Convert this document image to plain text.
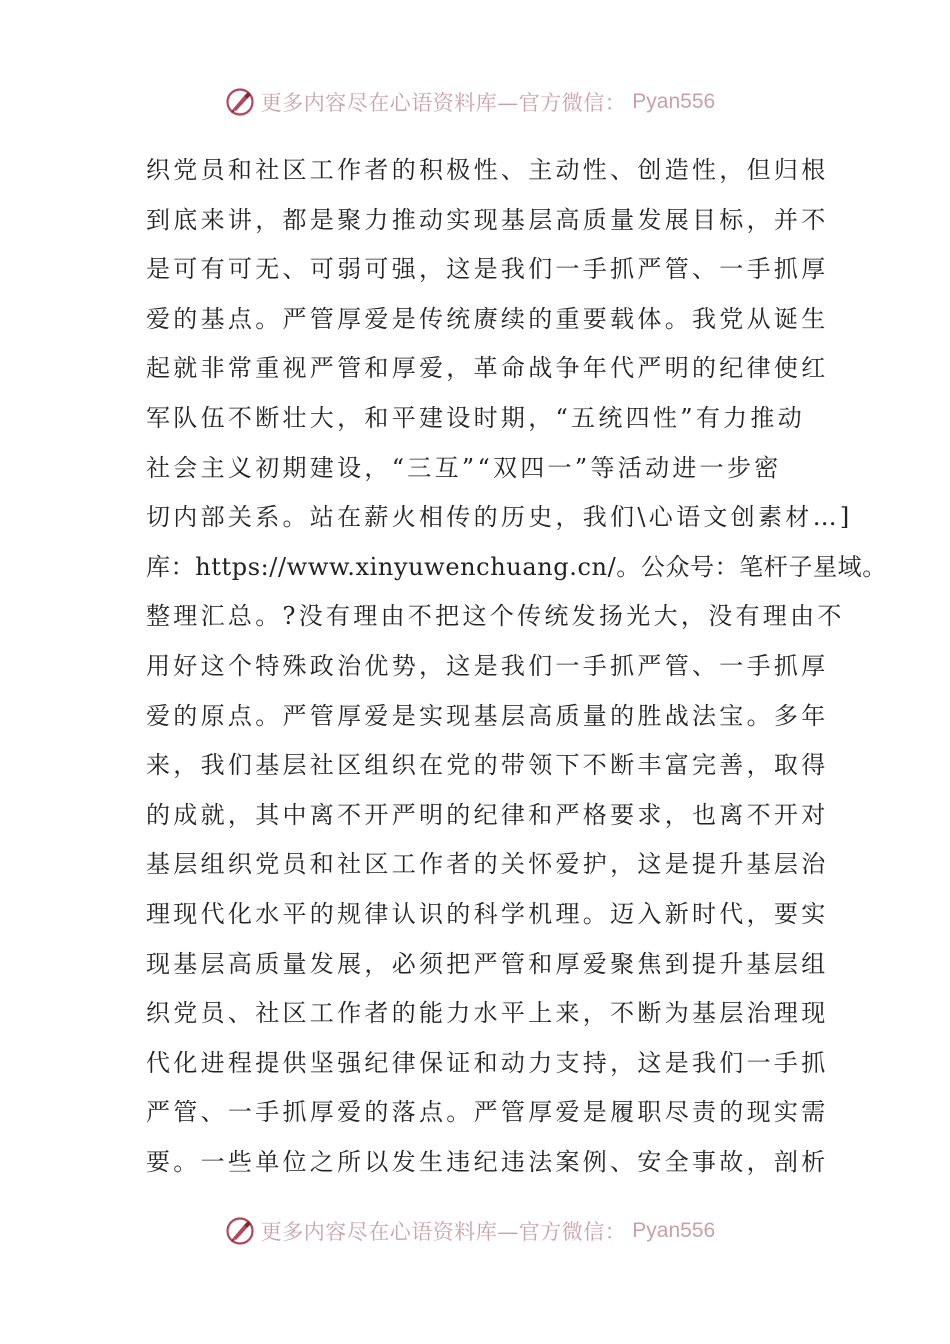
更多内容尽在心语资料库—官方微信： Pyan556
织党员和社区工作者的积极性、主动性、创造性，但归根
到底来讲，都是聚力推动实现基层高质量发展目标，并不
是可有可无、可弱可强，这是我们一手抓严管、一手抓厚
爱的基点。严管厚爱是传统赓续的重要载体。我党从诞生
起就非常重视严管和厚爱，革命战争年代严明的纪律使红
军队伍不断壮大，和平建设时期，“五统四性”有力推动
社会主义初期建设，“三互”“双四一”等活动进一步密
切内部关系。站在薪火相传的历史，我们\心语文创素材…]
库：https://www.xinyuwenchuang.cn/。公众号：笔杆子星域。
整理汇总。?没有理由不把这个传统发扬光大，没有理由不
用好这个特殊政治优势，这是我们一手抓严管、一手抓厚
爱的原点。严管厚爱是实现基层高质量的胜战法宝。多年
来，我们基层社区组织在党的带领下不断丰富完善，取得
的成就，其中离不开严明的纪律和严格要求，也离不开对
基层组织党员和社区工作者的关怀爱护，这是提升基层治
理现代化水平的规律认识的科学机理。迈入新时代，要实
现基层高质量发展，必须把严管和厚爱聚焦到提升基层组
织党员、社区工作者的能力水平上来，不断为基层治理现
代化进程提供坚强纪律保证和动力支持，这是我们一手抓
严管、一手抓厚爱的落点。严管厚爱是履职尽责的现实需
要。一些单位之所以发生违纪违法案例、安全事故，剖析
更多内容尽在心语资料库—官方微信： Pyan556
